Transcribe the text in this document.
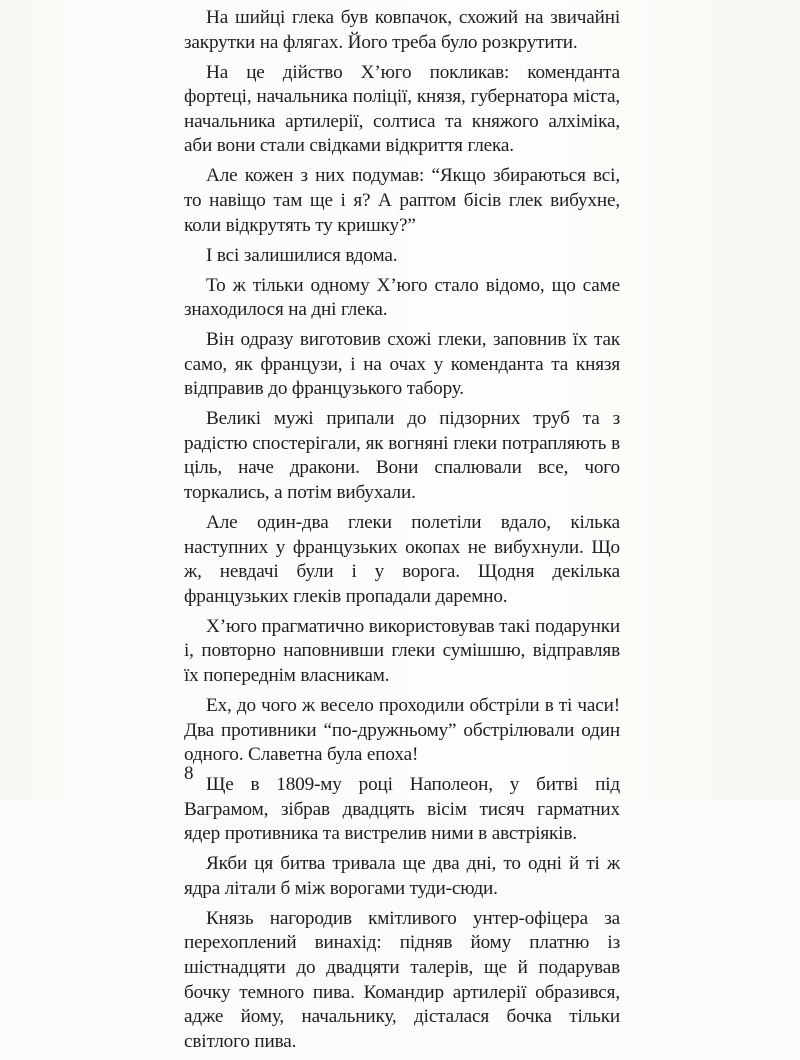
На шийці глека був ковпачок, схожий на звичайні закрутки на флягах. Його треба було розкрутити.

На це дійство Х’юго покликав: коменданта фортеці, начальника поліції, князя, губернатора міста, начальника артилерії, солтиса та княжого алхіміка, аби вони стали свідками відкриття глека.

Але кожен з них подумав: “Якщо збираються всі, то навіщо там ще і я? А раптом бісів глек вибухне, коли відкрутять ту кришку?”

І всі залишилися вдома.

То ж тільки одному Х’юго стало відомо, що саме знаходилося на дні глека.

Він одразу виготовив схожі глеки, заповнив їх так само, як французи, і на очах у коменданта та князя відправив до французького табору.

Великі мужі припали до підзорних труб та з радістю спостерігали, як вогняні глеки потрапляють в ціль, наче дракони. Вони спалювали все, чого торкались, а потім вибухали.

Але один-два глеки полетіли вдало, кілька наступних у французьких окопах не вибухнули. Що ж, невдачі були і у ворога. Щодня декілька французьких глеків пропадали даремно.

Х’юго прагматично використовував такі подарунки і, повторно наповнивши глеки сумішшю, відправляв їх попереднім власникам.

Ех, до чого ж весело проходили обстріли в ті часи! Два противники “по-дружньому” обстрілювали один одного. Славетна була епоха!

Ще в 1809-му році Наполеон, у битві під Ваграмом, зібрав двадцять вісім тисяч гарматних ядер противника та вистрелив ними в австріяків.

Якби ця битва тривала ще два дні, то одні й ті ж ядра літали б між ворогами туди-сюди.

Князь нагородив кмітливого унтер-офіцера за перехоплений винахід: підняв йому платню із шістнадцяти до двадцяти талерів, ще й подарував бочку темного пива. Командир артилерії образився, адже йому, начальнику, дісталася бочка тільки світлого пива.

8
